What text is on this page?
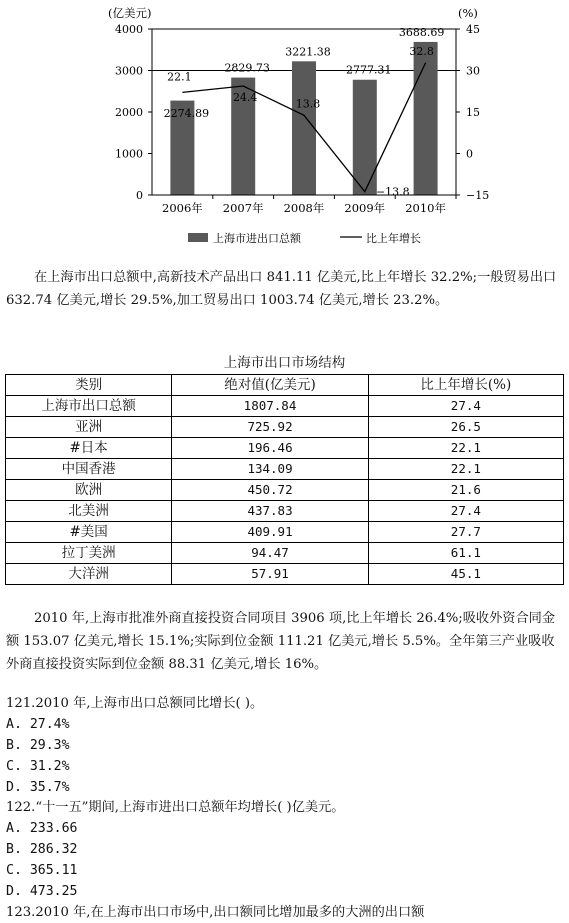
0
1000
2000
3000
4000
−15
0
15
30
45
2006年 2007年 2008年 2009年 2010年
(亿美元)	(%)
2274.89
2829.73
3221.38
2777.31
3688.69
22.1
24.4	13.8
−13.8
32.8
上海市进出口总额	比上年增长

在上海市出口总额中,高新技术产品出口 841.11 亿美元,比上年增长 32.2%;一般贸易出口 632.74 亿美元,增长 29.5%,加工贸易出口 1003.74 亿美元,增长 23.2%。

上海市出口市场结构
类别	绝对值(亿美元)	比上年增长(%)
上海市出口总额	1807.84	27.4
亚洲	725.92	26.5
#日本	196.46	22.1
中国香港	134.09	22.1
欧洲	450.72	21.6
北美洲	437.83	27.4
#美国	409.91	27.7
拉丁美洲	94.47	61.1
大洋洲	57.91	45.1

2010 年,上海市批准外商直接投资合同项目 3906 项,比上年增长 26.4%;吸收外资合同金额 153.07 亿美元,增长 15.1%;实际到位金额 111.21 亿美元,增长 5.5%。全年第三产业吸收外商直接投资实际到位金额 88.31 亿美元,增长 16%。

121.2010 年,上海市出口总额同比增长( )。

A. 27.4%

B. 29.3%

C. 31.2%

D. 35.7%

122.“十一五”期间,上海市进出口总额年均增长( )亿美元。

A. 233.66

B. 286.32

C. 365.11

D. 473.25

123.2010 年,在上海市出口市场中,出口额同比增加最多的大洲的出口额
